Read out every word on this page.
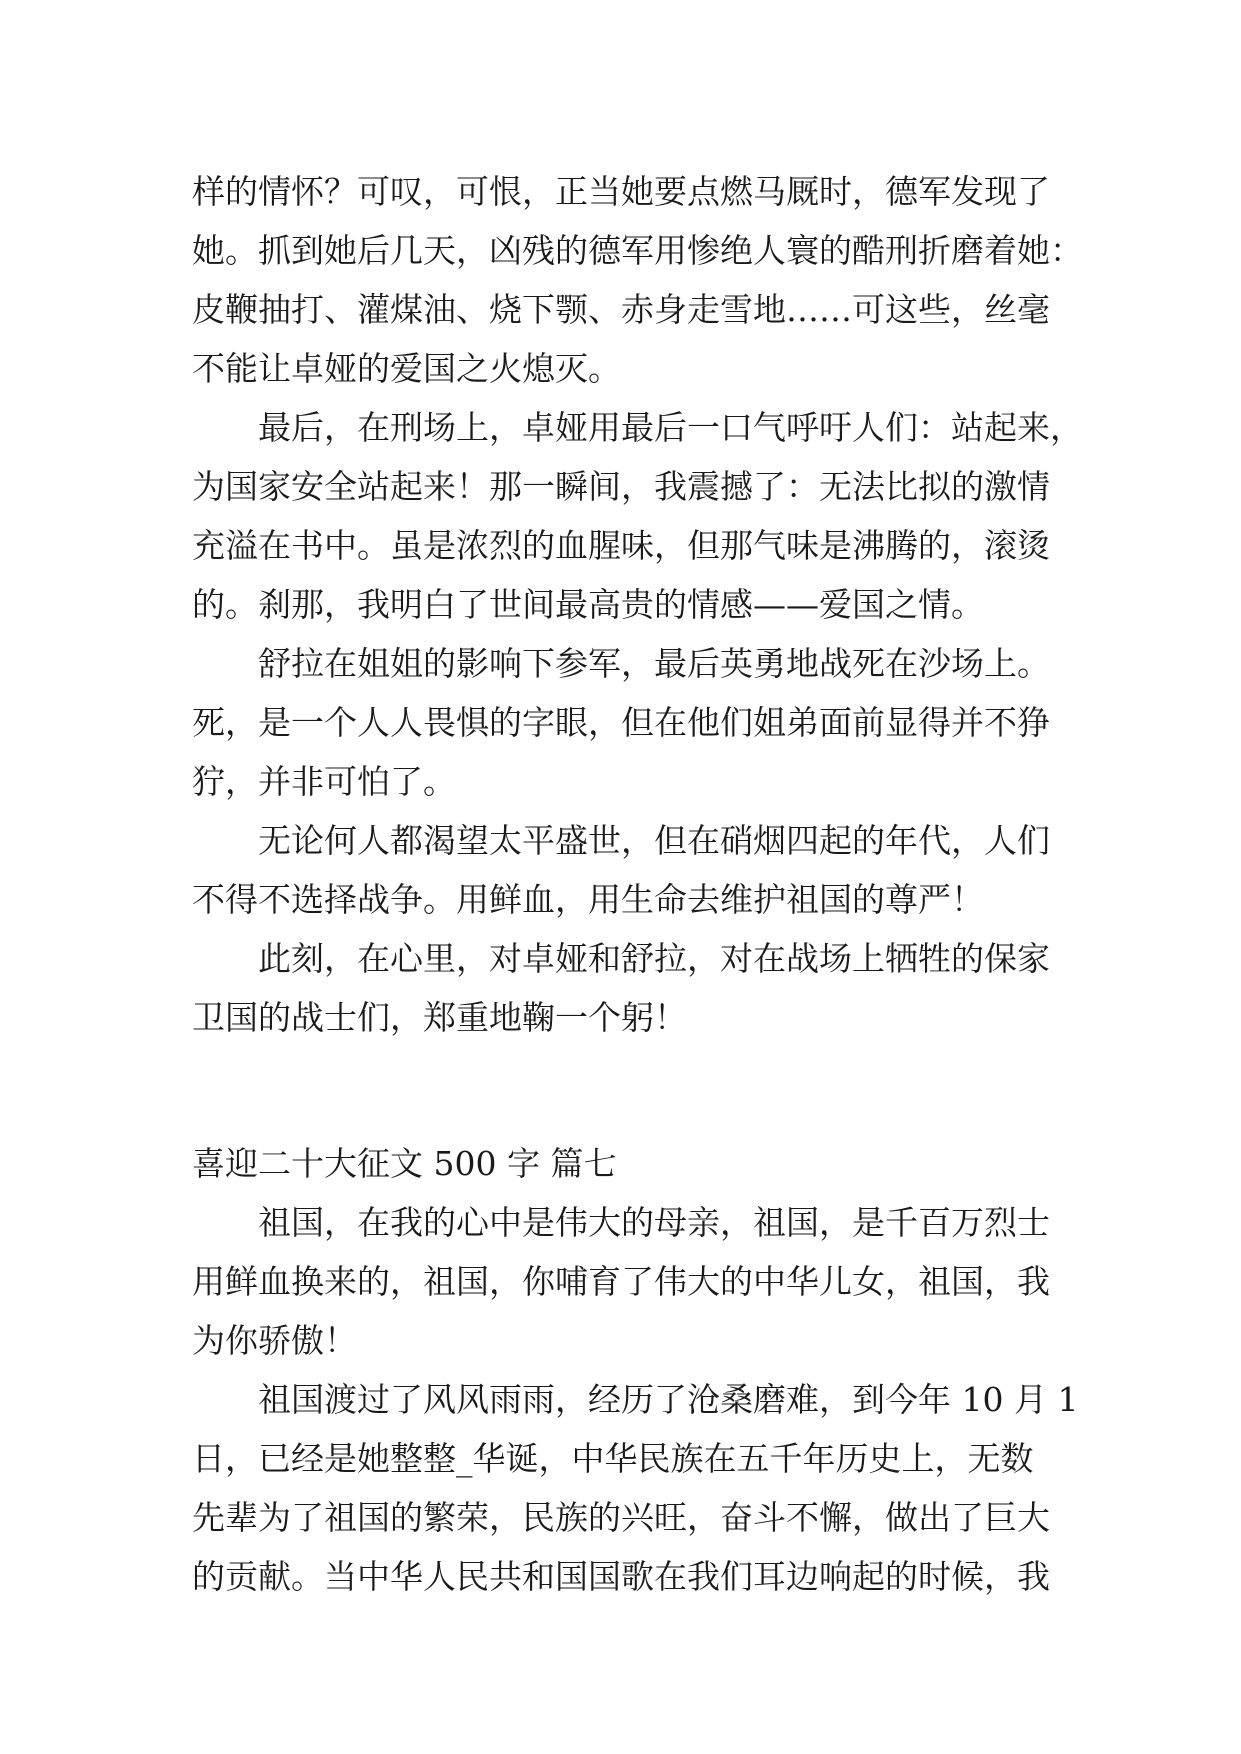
样的情怀？可叹，可恨，正当她要点燃马厩时，德军发现了
她。抓到她后几天，凶残的德军用惨绝人寰的酷刑折磨着她：
皮鞭抽打、灌煤油、烧下颚、赤身走雪地……可这些，丝毫
不能让卓娅的爱国之火熄灭。
最后，在刑场上，卓娅用最后一口气呼吁人们：站起来，
为国家安全站起来！那一瞬间，我震撼了：无法比拟的激情
充溢在书中。虽是浓烈的血腥味，但那气味是沸腾的，滚烫
的。刹那，我明白了世间最高贵的情感——爱国之情。
舒拉在姐姐的影响下参军，最后英勇地战死在沙场上。
死，是一个人人畏惧的字眼，但在他们姐弟面前显得并不狰
狞，并非可怕了。
无论何人都渴望太平盛世，但在硝烟四起的年代，人们
不得不选择战争。用鲜血，用生命去维护祖国的尊严！
此刻，在心里，对卓娅和舒拉，对在战场上牺牲的保家
卫国的战士们，郑重地鞠一个躬！
喜迎二十大征文 500 字 篇七
祖国，在我的心中是伟大的母亲，祖国，是千百万烈士
用鲜血换来的，祖国，你哺育了伟大的中华儿女，祖国，我
为你骄傲！
祖国渡过了风风雨雨，经历了沧桑磨难，到今年 10 月 1
日，已经是她整整_华诞，中华民族在五千年历史上，无数
先辈为了祖国的繁荣，民族的兴旺，奋斗不懈，做出了巨大
的贡献。当中华人民共和国国歌在我们耳边响起的时候，我
